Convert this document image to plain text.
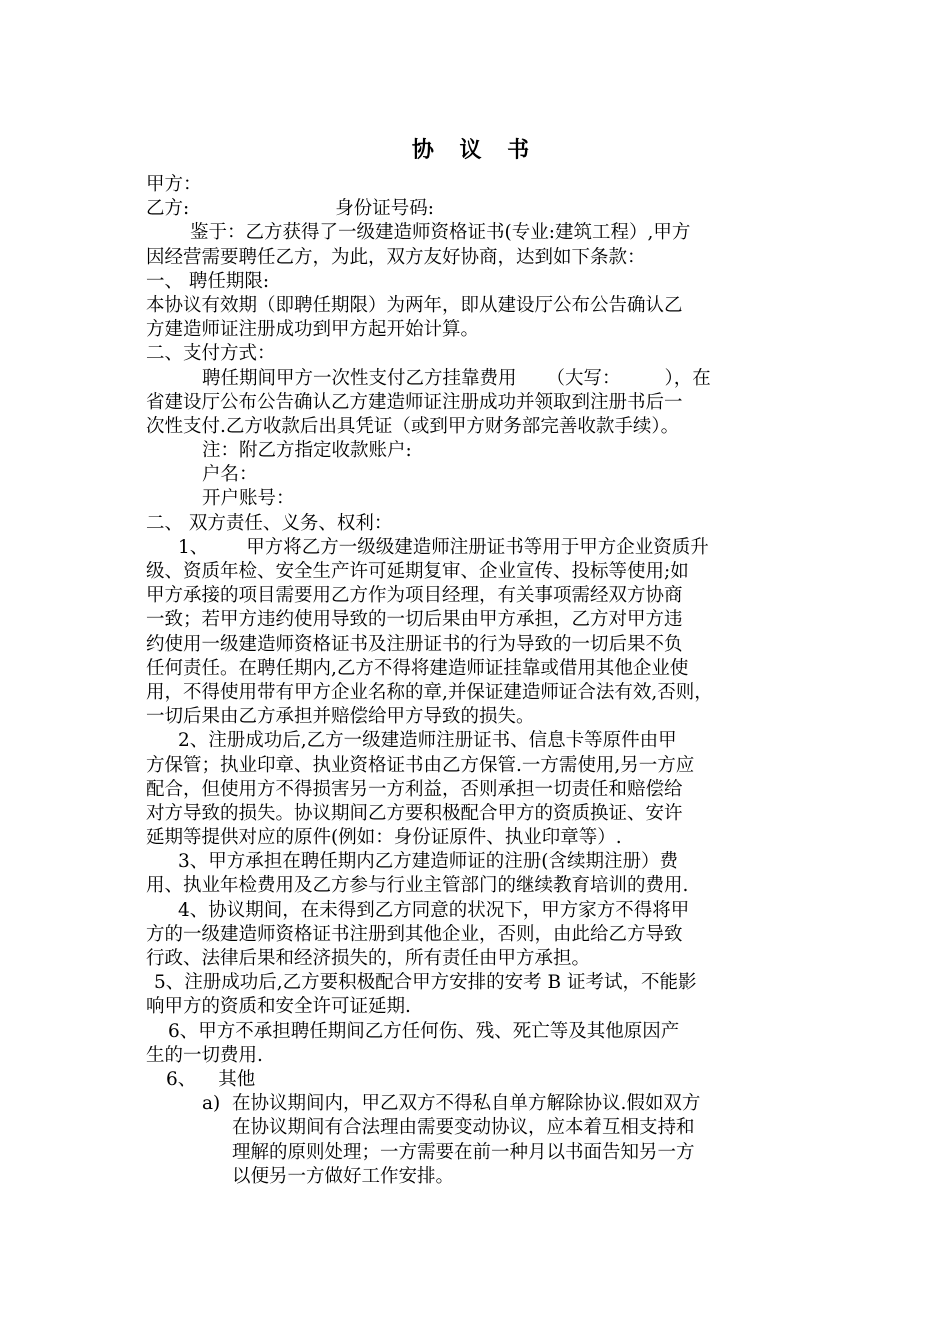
协 议 书
甲方：
乙方:	身份证号码:
鉴于：乙方获得了一级建造师资格证书(专业:建筑工程）,甲方
因经营需要聘任乙方，为此，双方友好协商，达到如下条款：
一、 聘任期限:
本协议有效期（即聘任期限）为两年，即从建设厅公布公告确认乙
方建造师证注册成功到甲方起开始计算。
二、支付方式：
聘任期间甲方一次性支付乙方挂靠费用 （大写： ），在
省建设厅公布公告确认乙方建造师证注册成功并领取到注册书后一
次性支付.乙方收款后出具凭证（或到甲方财务部完善收款手续）。
注：附乙方指定收款账户:
户名：
开户账号：
二、 双方责任、义务、权利：
1、 甲方将乙方一级级建造师注册证书等用于甲方企业资质升
级、资质年检、安全生产许可延期复审、企业宣传、投标等使用;如
甲方承接的项目需要用乙方作为项目经理，有关事项需经双方协商
一致；若甲方违约使用导致的一切后果由甲方承担，乙方对甲方违
约使用一级建造师资格证书及注册证书的行为导致的一切后果不负
任何责任。在聘任期内,乙方不得将建造师证挂靠或借用其他企业使
用，不得使用带有甲方企业名称的章,并保证建造师证合法有效,否则，
一切后果由乙方承担并赔偿给甲方导致的损失。
2、注册成功后,乙方一级建造师注册证书、信息卡等原件由甲
方保管；执业印章、执业资格证书由乙方保管.一方需使用,另一方应
配合，但使用方不得损害另一方利益，否则承担一切责任和赔偿给
对方导致的损失。协议期间乙方要积极配合甲方的资质换证、安许
延期等提供对应的原件(例如：身份证原件、执业印章等）.
3、甲方承担在聘任期内乙方建造师证的注册(含续期注册）费
用、执业年检费用及乙方参与行业主管部门的继续教育培训的费用.
4、协议期间，在未得到乙方同意的状况下，甲方家方不得将甲
方的一级建造师资格证书注册到其他企业，否则，由此给乙方导致
行政、法律后果和经济损失的，所有责任由甲方承担。
5、注册成功后,乙方要积极配合甲方安排的安考 B 证考试，不能影
响甲方的资质和安全许可证延期.
6、甲方不承担聘任期间乙方任何伤、残、死亡等及其他原因产
生的一切费用.
6、 其他
a) 在协议期间内，甲乙双方不得私自单方解除协议.假如双方
在协议期间有合法理由需要变动协议，应本着互相支持和
理解的原则处理；一方需要在前一种月以书面告知另一方
以便另一方做好工作安排。
